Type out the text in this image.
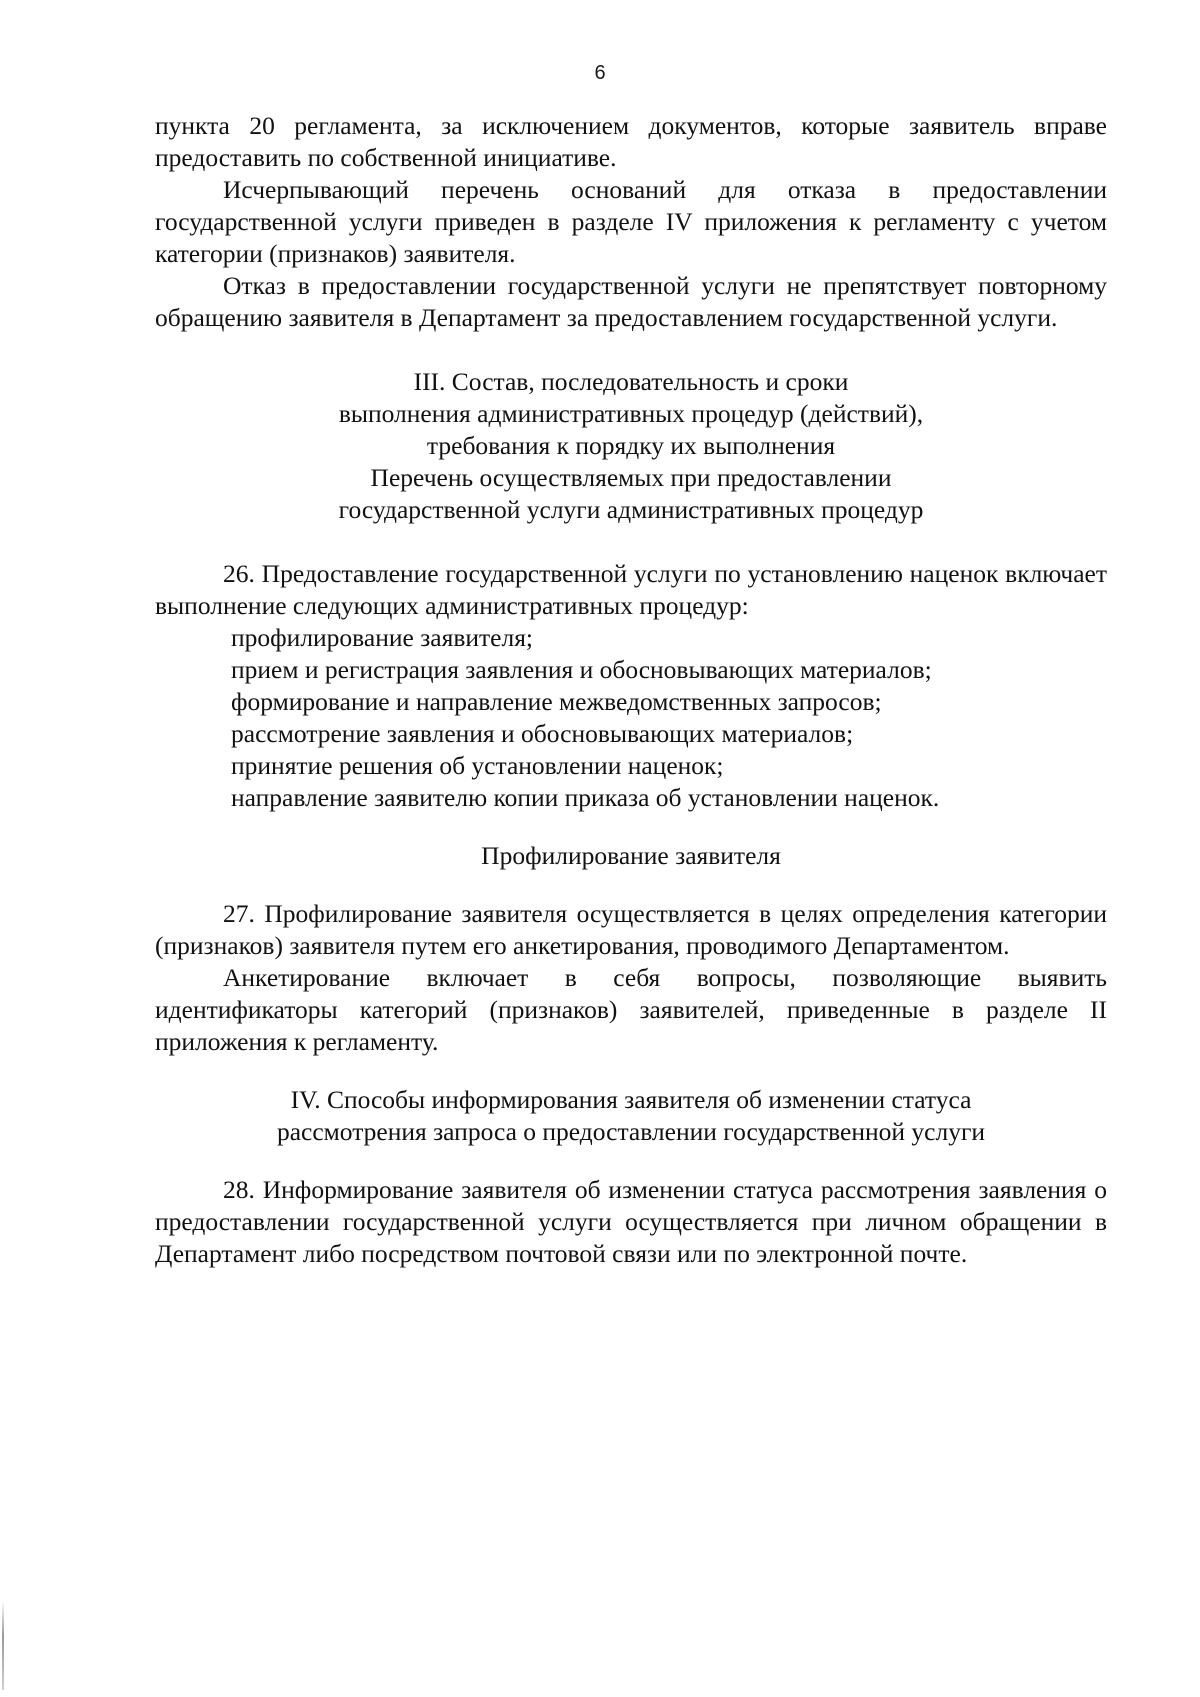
6

пункта 20 регламента, за исключением документов, которые заявитель вправе предоставить по собственной инициативе.

Исчерпывающий перечень оснований для отказа в предоставлении государственной услуги приведен в разделе IV приложения к регламенту с учетом категории (признаков) заявителя.

Отказ в предоставлении государственной услуги не препятствует повторному обращению заявителя в Департамент за предоставлением государственной услуги.

III. Состав, последовательность и сроки
выполнения административных процедур (действий),
требования к порядку их выполнения
Перечень осуществляемых при предоставлении
государственной услуги административных процедур

26. Предоставление государственной услуги по установлению наценок включает выполнение следующих административных процедур:

профилирование заявителя;

прием и регистрация заявления и обосновывающих материалов;

формирование и направление межведомственных запросов;

рассмотрение заявления и обосновывающих материалов;

принятие решения об установлении наценок;

направление заявителю копии приказа об установлении наценок.

Профилирование заявителя

27. Профилирование заявителя осуществляется в целях определения категории (признаков) заявителя путем его анкетирования, проводимого Департаментом.

Анкетирование включает в себя вопросы, позволяющие выявить идентификаторы категорий (признаков) заявителей, приведенные в разделе II приложения к регламенту.

IV. Способы информирования заявителя об изменении статуса
рассмотрения запроса о предоставлении государственной услуги

28. Информирование заявителя об изменении статуса рассмотрения заявления о предоставлении государственной услуги осуществляется при личном обращении в Департамент либо посредством почтовой связи или по электронной почте.
